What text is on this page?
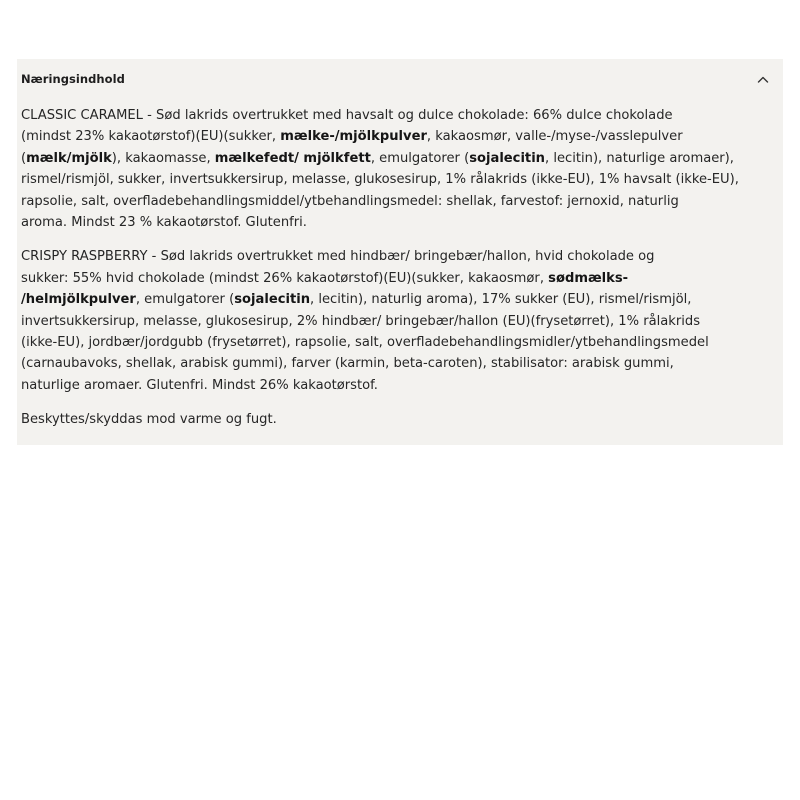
Næringsindhold
CLASSIC CARAMEL - Sød lakrids overtrukket med havsalt og dulce chokolade: 66% dulce chokolade
(mindst 23% kakaotørstof)(EU)(sukker, mælke-/mjölkpulver, kakaosmør, valle-/myse-/vasslepulver
(mælk/mjölk), kakaomasse, mælkefedt/ mjölkfett, emulgatorer (sojalecitin, lecitin), naturlige aromaer),
rismel/rismjöl, sukker, invertsukkersirup, melasse, glukosesirup, 1% rålakrids (ikke-EU), 1% havsalt (ikke-EU),
rapsolie, salt, overfladebehandlingsmiddel/ytbehandlingsmedel: shellak, farvestof: jernoxid, naturlig
aroma. Mindst 23 % kakaotørstof. Glutenfri.
CRISPY RASPBERRY - Sød lakrids overtrukket med hindbær/ bringebær/hallon, hvid chokolade og
sukker: 55% hvid chokolade (mindst 26% kakaotørstof)(EU)(sukker, kakaosmør, sødmælks-
/helmjölkpulver, emulgatorer (sojalecitin, lecitin), naturlig aroma), 17% sukker (EU), rismel/rismjöl,
invertsukkersirup, melasse, glukosesirup, 2% hindbær/ bringebær/hallon (EU)(frysetørret), 1% rålakrids
(ikke-EU), jordbær/jordgubb (frysetørret), rapsolie, salt, overfladebehandlingsmidler/ytbehandlingsmedel
(carnaubavoks, shellak, arabisk gummi), farver (karmin, beta-caroten), stabilisator: arabisk gummi,
naturlige aromaer. Glutenfri. Mindst 26% kakaotørstof.
Beskyttes/skyddas mod varme og fugt.
